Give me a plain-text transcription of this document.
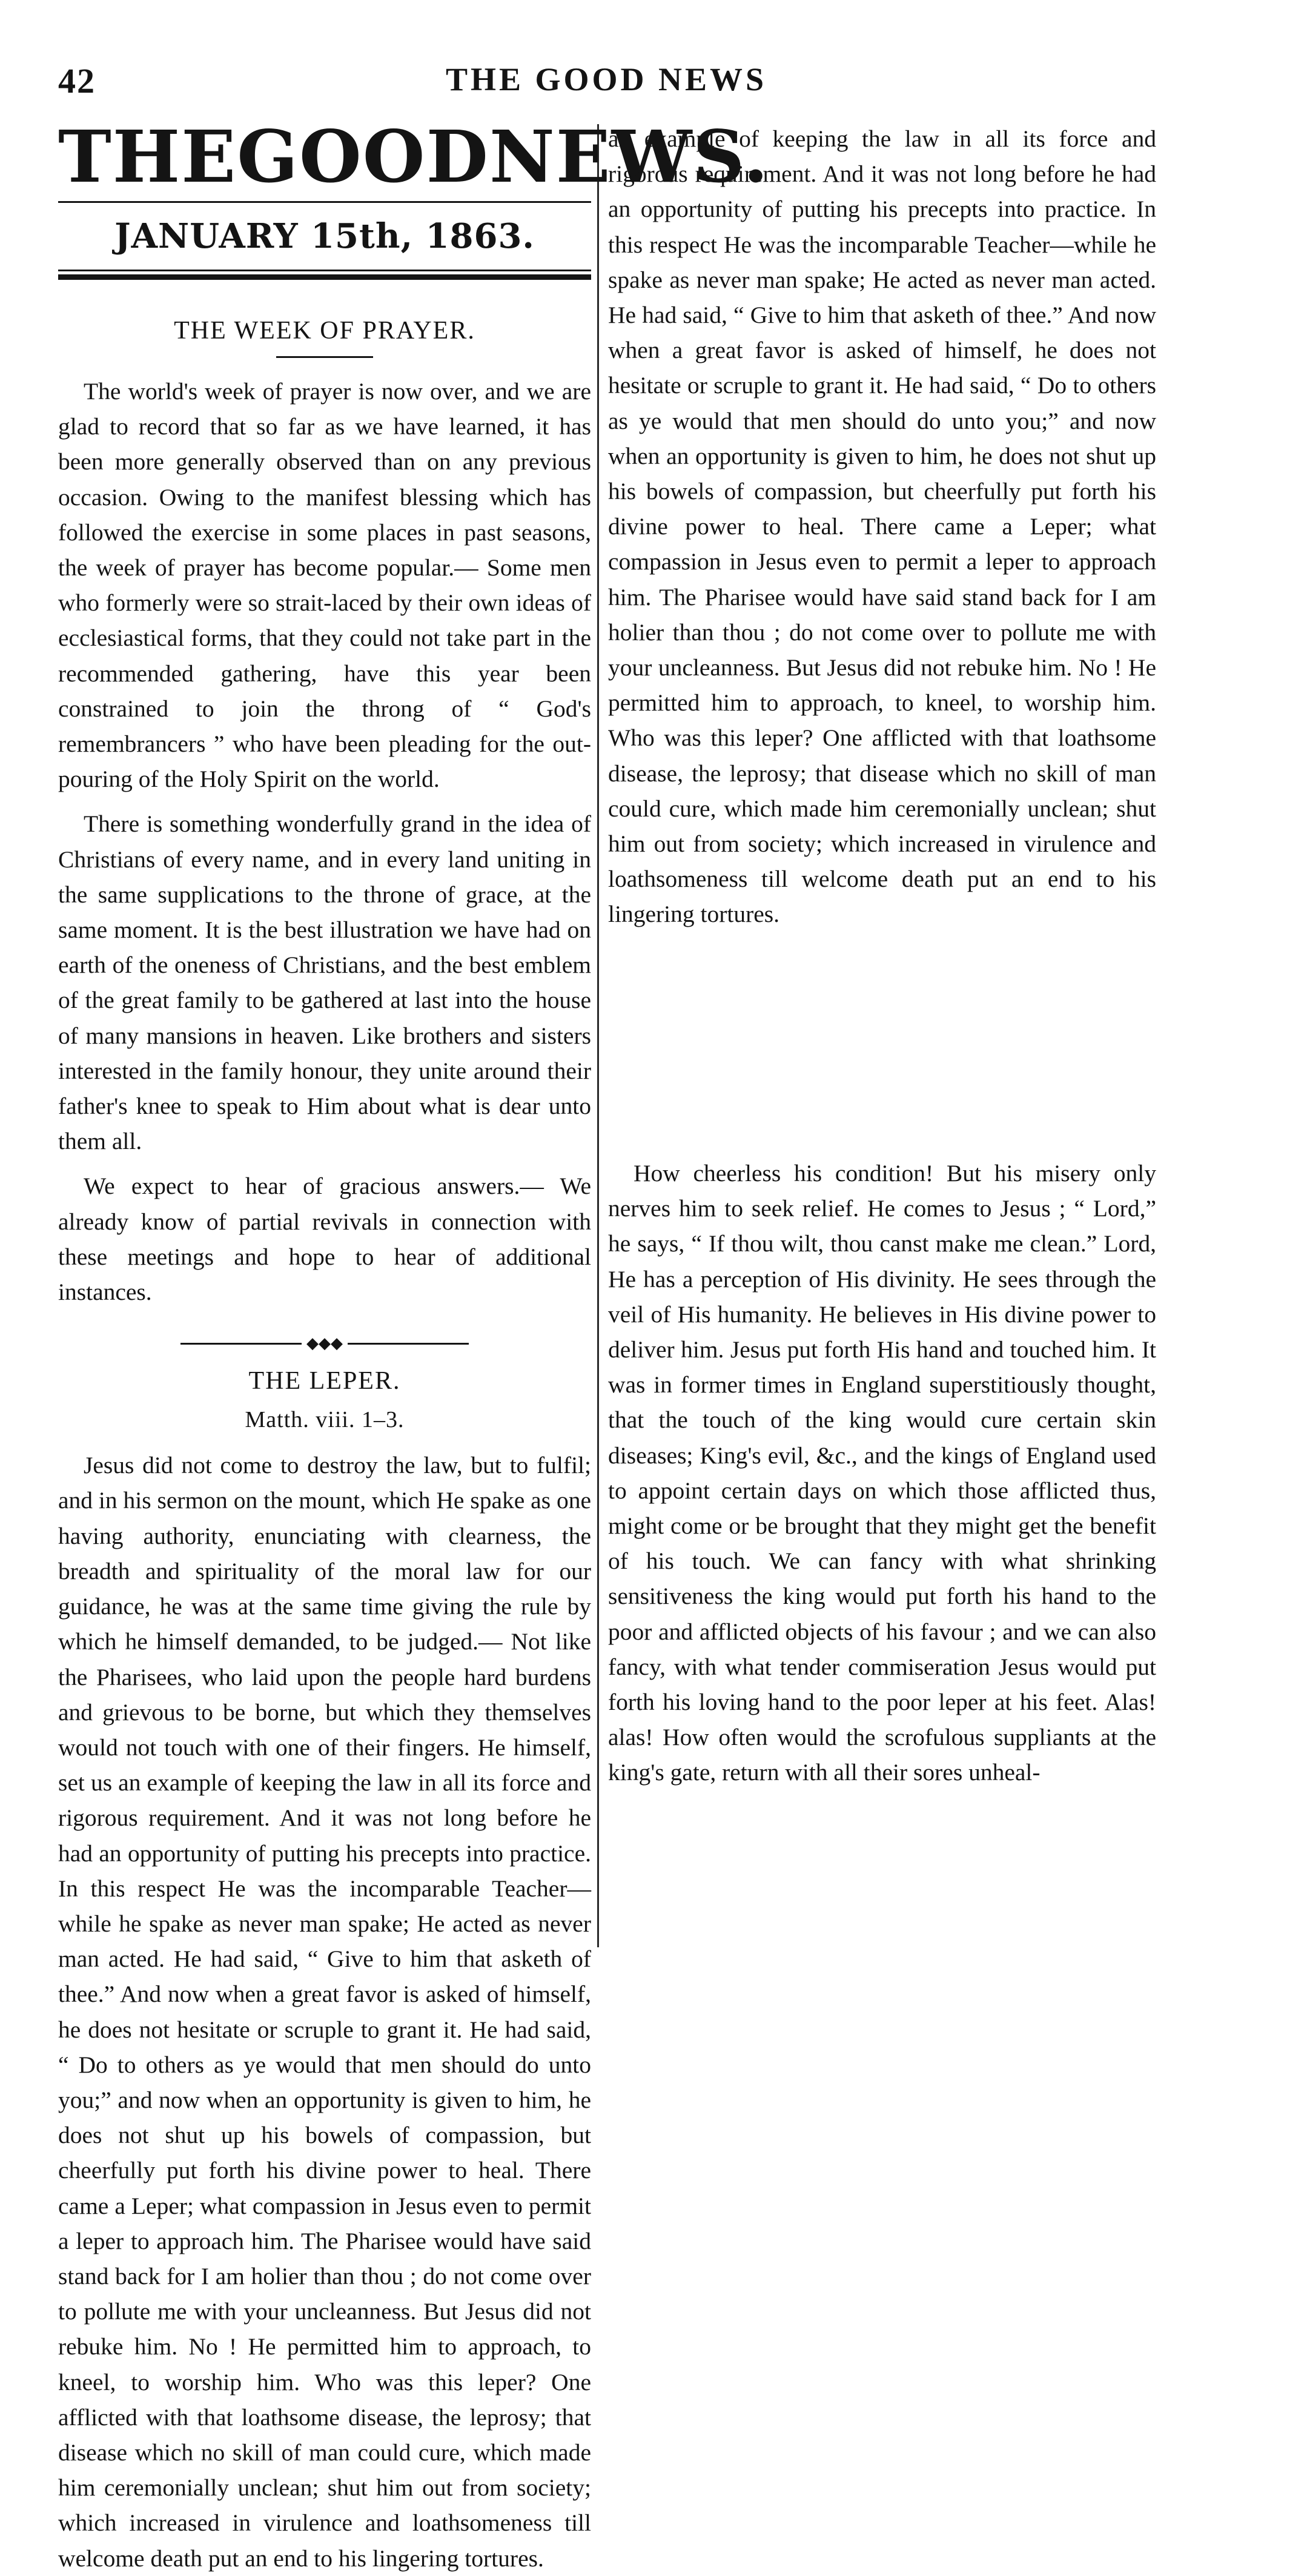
42	THE GOOD NEWS
THE GOOD NEWS.
JANUARY 15th, 1863.
THE WEEK OF PRAYER.

The world's week of prayer is now over, and we are glad to record that so far as we have learned, it has been more generally observed than on any previous occasion. Owing to the manifest blessing which has followed the exercise in some places in past seasons, the week of prayer has become popular.— Some men who formerly were so strait-laced by their own ideas of ecclesiastical forms, that they could not take part in the recommended gathering, have this year been constrained to join the throng of “ God's remembrancers ” who have been pleading for the out-pouring of the Holy Spirit on the world.

There is something wonderfully grand in the idea of Christians of every name, and in every land uniting in the same supplications to the throne of grace, at the same moment. It is the best illustration we have had on earth of the oneness of Christians, and the best emblem of the great family to be gathered at last into the house of many mansions in heaven. Like brothers and sisters interested in the family honour, they unite around their father's knee to speak to Him about what is dear unto them all.

We expect to hear of gracious answers.— We already know of partial revivals in connection with these meetings and hope to hear of additional instances.

◆◆◆
THE LEPER.
Matth. viii. 1–3.

Jesus did not come to destroy the law, but to fulfil; and in his sermon on the mount, which He spake as one having authority, enunciating with clearness, the breadth and spirituality of the moral law for our guidance, he was at the same time giving the rule by which he himself demanded, to be judged.— Not like the Pharisees, who laid upon the people hard burdens and grievous to be borne, but which they themselves would not touch with one of their fingers. He himself, set us an example of keeping the law in all its force and rigorous requirement. And it was not long before he had an opportunity of putting his precepts into practice. In this respect He was the incomparable Teacher—while he spake as never man spake; He acted as never man acted. He had said, “ Give to him that asketh of thee.” And now when a great favor is asked of himself, he does not hesitate or scruple to grant it. He had said, “ Do to others as ye would that men should do unto you;” and now when an opportunity is given to him, he does not shut up his bowels of compassion, but cheerfully put forth his divine power to heal. There came a Leper; what compassion in Jesus even to permit a leper to approach him. The Pharisee would have said stand back for I am holier than thou ; do not come over to pollute me with your uncleanness. But Jesus did not rebuke him. No ! He permitted him to approach, to kneel, to worship him. Who was this leper? One afflicted with that loathsome disease, the leprosy; that disease which no skill of man could cure, which made him ceremonially unclean; shut him out from society; which increased in virulence and loathsomeness till welcome death put an end to his lingering tortures.

an example of keeping the law in all its force and rigorous requirement. And it was not long before he had an opportunity of putting his precepts into practice. In this respect He was the incomparable Teacher—while he spake as never man spake; He acted as never man acted. He had said, “ Give to him that asketh of thee.” And now when a great favor is asked of himself, he does not hesitate or scruple to grant it. He had said, “ Do to others as ye would that men should do unto you;” and now when an opportunity is given to him, he does not shut up his bowels of compassion, but cheerfully put forth his divine power to heal. There came a Leper; what compassion in Jesus even to permit a leper to approach him. The Pharisee would have said stand back for I am holier than thou ; do not come over to pollute me with your uncleanness. But Jesus did not rebuke him. No ! He permitted him to approach, to kneel, to worship him. Who was this leper? One afflicted with that loathsome disease, the leprosy; that disease which no skill of man could cure, which made him ceremonially unclean; shut him out from society; which increased in virulence and loathsomeness till welcome death put an end to his lingering tortures.

How cheerless his condition! But his misery only nerves him to seek relief. He comes to Jesus ; “ Lord,” he says, “ If thou wilt, thou canst make me clean.” Lord, He has a perception of His divinity. He sees through the veil of His humanity. He believes in His divine power to deliver him. Jesus put forth His hand and touched him. It was in former times in England superstitiously thought, that the touch of the king would cure certain skin diseases; King's evil, &c., and the kings of England used to appoint certain days on which those afflicted thus, might come or be brought that they might get the benefit of his touch. We can fancy with what shrinking sensitiveness the king would put forth his hand to the poor and afflicted objects of his favour ; and we can also fancy, with what tender commiseration Jesus would put forth his loving hand to the poor leper at his feet. Alas! alas! How often would the scrofulous suppliants at the king's gate, return with all their sores unheal-
